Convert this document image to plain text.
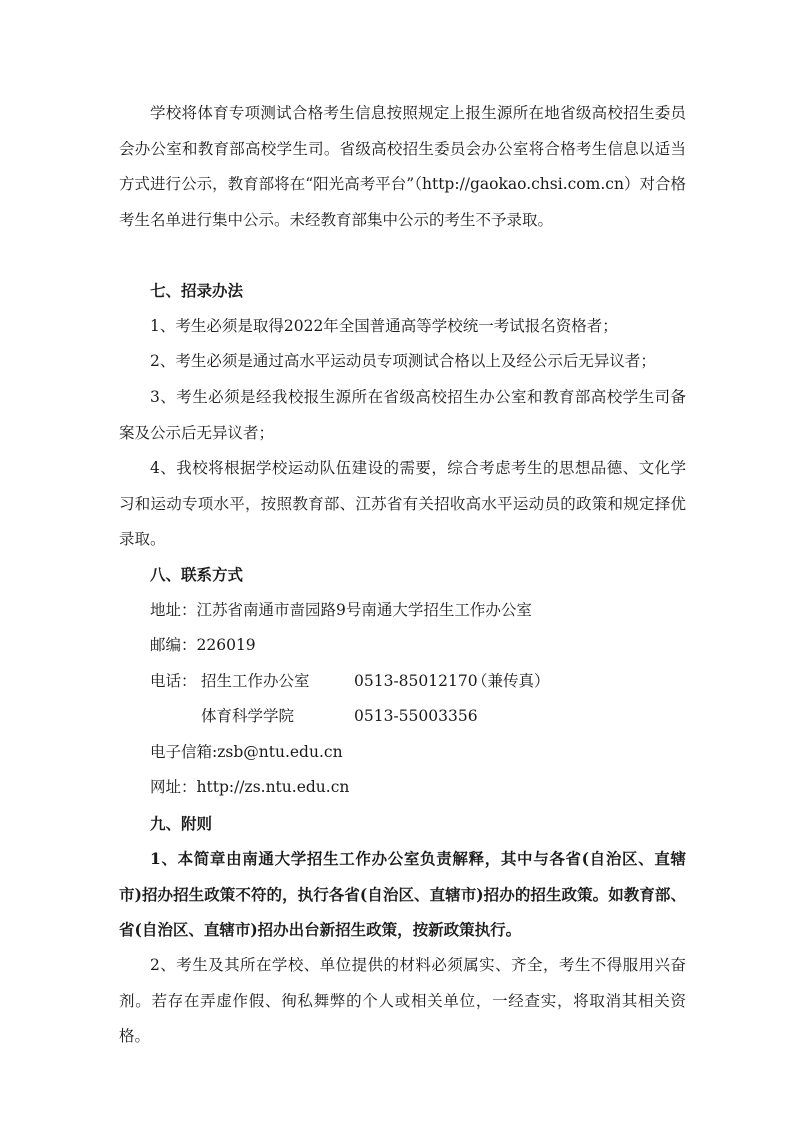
学校将体育专项测试合格考生信息按照规定上报生源所在地省级高校招生委员会办公室和教育部高校学生司。省级高校招生委员会办公室将合格考生信息以适当方式进行公示，教育部将在“阳光高考平台”（http://gaokao.chsi.com.cn）对合格考生名单进行集中公示。未经教育部集中公示的考生不予录取。

七、招录办法

1、考生必须是取得2022年全国普通高等学校统一考试报名资格者；

2、考生必须是通过高水平运动员专项测试合格以上及经公示后无异议者；

3、考生必须是经我校报生源所在省级高校招生办公室和教育部高校学生司备案及公示后无异议者；

4、我校将根据学校运动队伍建设的需要，综合考虑考生的思想品德、文化学习和运动专项水平，按照教育部、江苏省有关招收高水平运动员的政策和规定择优录取。

八、联系方式

地址：江苏省南通市啬园路9号南通大学招生工作办公室

邮编：226019

电话： 招生工作办公室	0513-85012170
（兼传真）
体育科学学院	0513-55003356

电子信箱:zsb@ntu.edu.cn

网址：http://zs.ntu.edu.cn

九、附则

1、本简章由南通大学招生工作办公室负责解释，其中与各省(自治区、直辖市)招办招生政策不符的，执行各省(自治区、直辖市)招办的招生政策。如教育部、省(自治区、直辖市)招办出台新招生政策，按新政策执行。

2、考生及其所在学校、单位提供的材料必须属实、齐全，考生不得服用兴奋剂。若存在弄虚作假、徇私舞弊的个人或相关单位，一经查实，将取消其相关资格。
